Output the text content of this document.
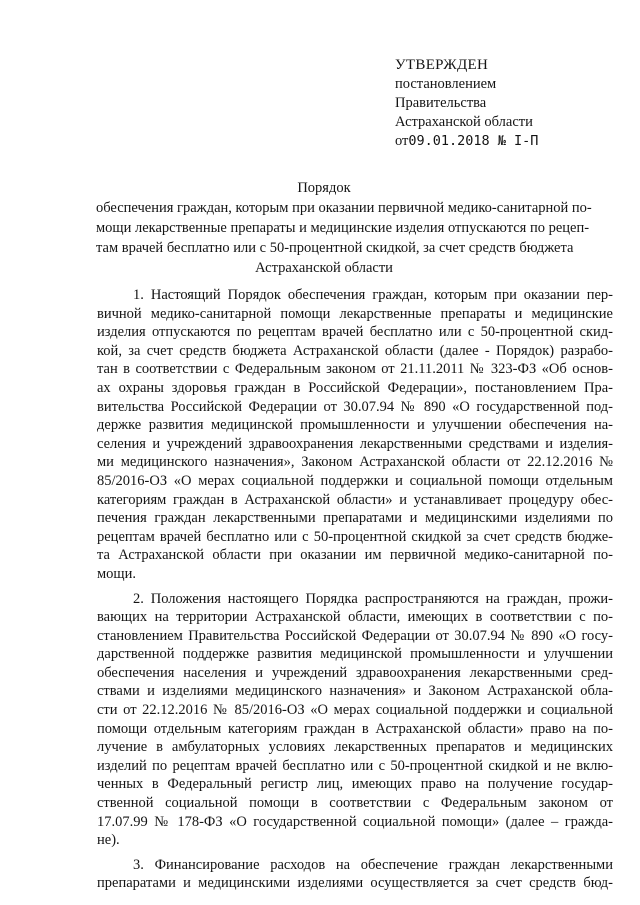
УТВЕРЖДЕН
постановлением
Правительства
Астраханской области
от09.01.2018 № I-П
Порядок
обеспечения граждан, которым при оказании первичной медико-санитарной по-
мощи лекарственные препараты и медицинские изделия отпускаются по рецеп-
там врачей бесплатно или с 50-процентной скидкой, за счет средств бюджета
Астраханской области
1. Настоящий Порядок обеспечения граждан, которым при оказании пер-
вичной медико-санитарной помощи лекарственные препараты и медицинские
изделия отпускаются по рецептам врачей бесплатно или с 50-процентной скид-
кой, за счет средств бюджета Астраханской области (далее - Порядок) разрабо-
тан в соответствии с Федеральным законом от 21.11.2011 № 323-ФЗ «Об основ-
ах охраны здоровья граждан в Российской Федерации», постановлением Пра-
вительства Российской Федерации от 30.07.94 № 890 «О государственной под-
держке развития медицинской промышленности и улучшении обеспечения на-
селения и учреждений здравоохранения лекарственными средствами и изделия-
ми медицинского назначения», Законом Астраханской области от 22.12.2016 №
85/2016-ОЗ «О мерах социальной поддержки и социальной помощи отдельным
категориям граждан в Астраханской области» и устанавливает процедуру обес-
печения граждан лекарственными препаратами и медицинскими изделиями по
рецептам врачей бесплатно или с 50-процентной скидкой за счет средств бюдже-
та Астраханской области при оказании им первичной медико-санитарной по-
мощи.
2. Положения настоящего Порядка распространяются на граждан, прожи-
вающих на территории Астраханской области, имеющих в соответствии с по-
становлением Правительства Российской Федерации от 30.07.94 № 890 «О госу-
дарственной поддержке развития медицинской промышленности и улучшении
обеспечения населения и учреждений здравоохранения лекарственными сред-
ствами и изделиями медицинского назначения» и Законом Астраханской обла-
сти от 22.12.2016 № 85/2016-ОЗ «О мерах социальной поддержки и социальной
помощи отдельным категориям граждан в Астраханской области» право на по-
лучение в амбулаторных условиях лекарственных препаратов и медицинских
изделий по рецептам врачей бесплатно или с 50-процентной скидкой и не вклю-
ченных в Федеральный регистр лиц, имеющих право на получение государ-
ственной социальной помощи в соответствии с Федеральным законом от
17.07.99 № 178-ФЗ «О государственной социальной помощи» (далее – гражда-
не).
3. Финансирование расходов на обеспечение граждан лекарственными
препаратами и медицинскими изделиями осуществляется за счет средств бюд-
